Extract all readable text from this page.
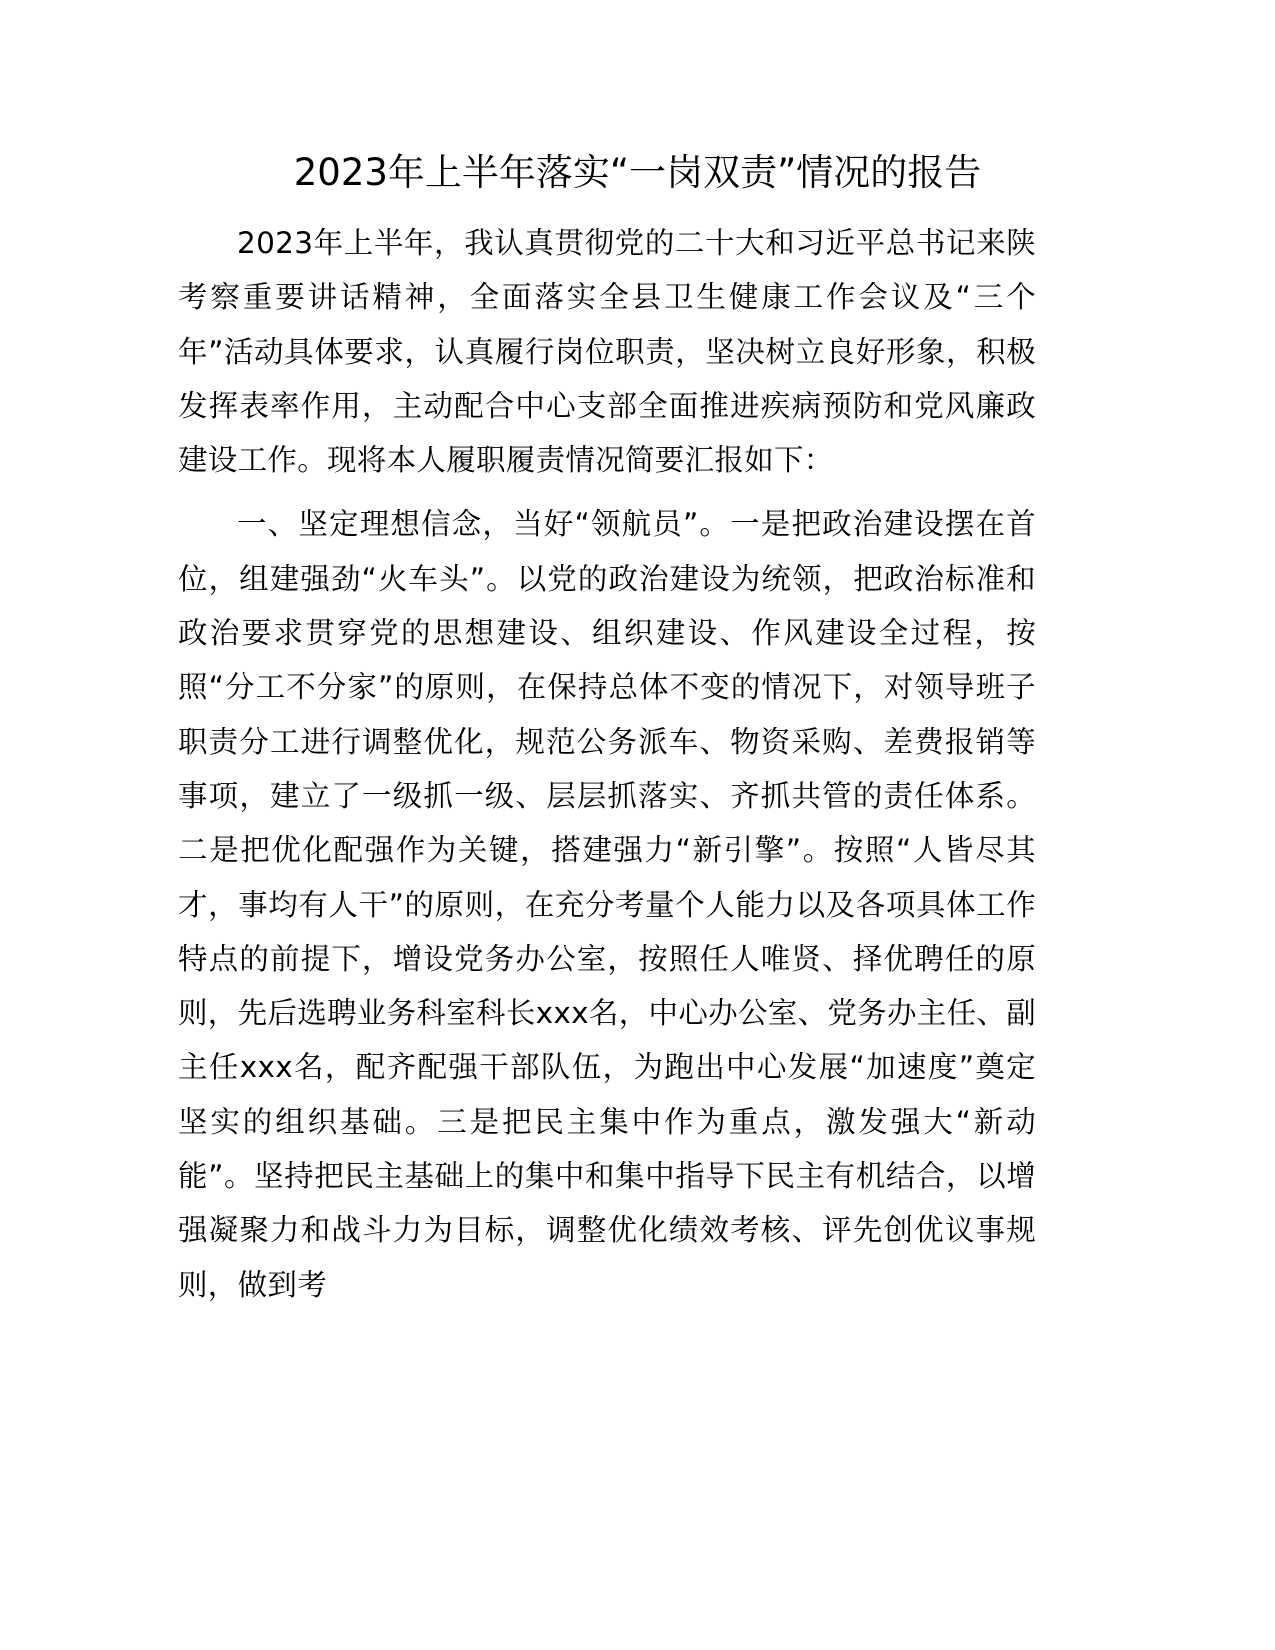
2023年上半年落实“一岗双责”情况的报告

2023年上半年，我认真贯彻党的二十大和习近平总书记来陕考察重要讲话精神，全面落实全县卫生健康工作会议及“三个年”活动具体要求，认真履行岗位职责，坚决树立良好形象，积极发挥表率作用，主动配合中心支部全面推进疾病预防和党风廉政建设工作。现将本人履职履责情况简要汇报如下：

一、坚定理想信念，当好“领航员”。一是把政治建设摆在首位，组建强劲“火车头”。以党的政治建设为统领，把政治标准和政治要求贯穿党的思想建设、组织建设、作风建设全过程，按照“分工不分家”的原则，在保持总体不变的情况下，对领导班子职责分工进行调整优化，规范公务派车、物资采购、差费报销等事项，建立了一级抓一级、层层抓落实、齐抓共管的责任体系。二是把优化配强作为关键，搭建强力“新引擎”。按照“人皆尽其才，事均有人干”的原则，在充分考量个人能力以及各项具体工作特点的前提下，增设党务办公室，按照任人唯贤、择优聘任的原则，先后选聘业务科室科长xxx名，中心办公室、党务办主任、副主任xxx名，配齐配强干部队伍，为跑出中心发展“加速度”奠定坚实的组织基础。三是把民主集中作为重点，激发强大“新动能”。坚持把民主基础上的集中和集中指导下民主有机结合，以增强凝聚力和战斗力为目标，调整优化绩效考核、评先创优议事规则，做到考
